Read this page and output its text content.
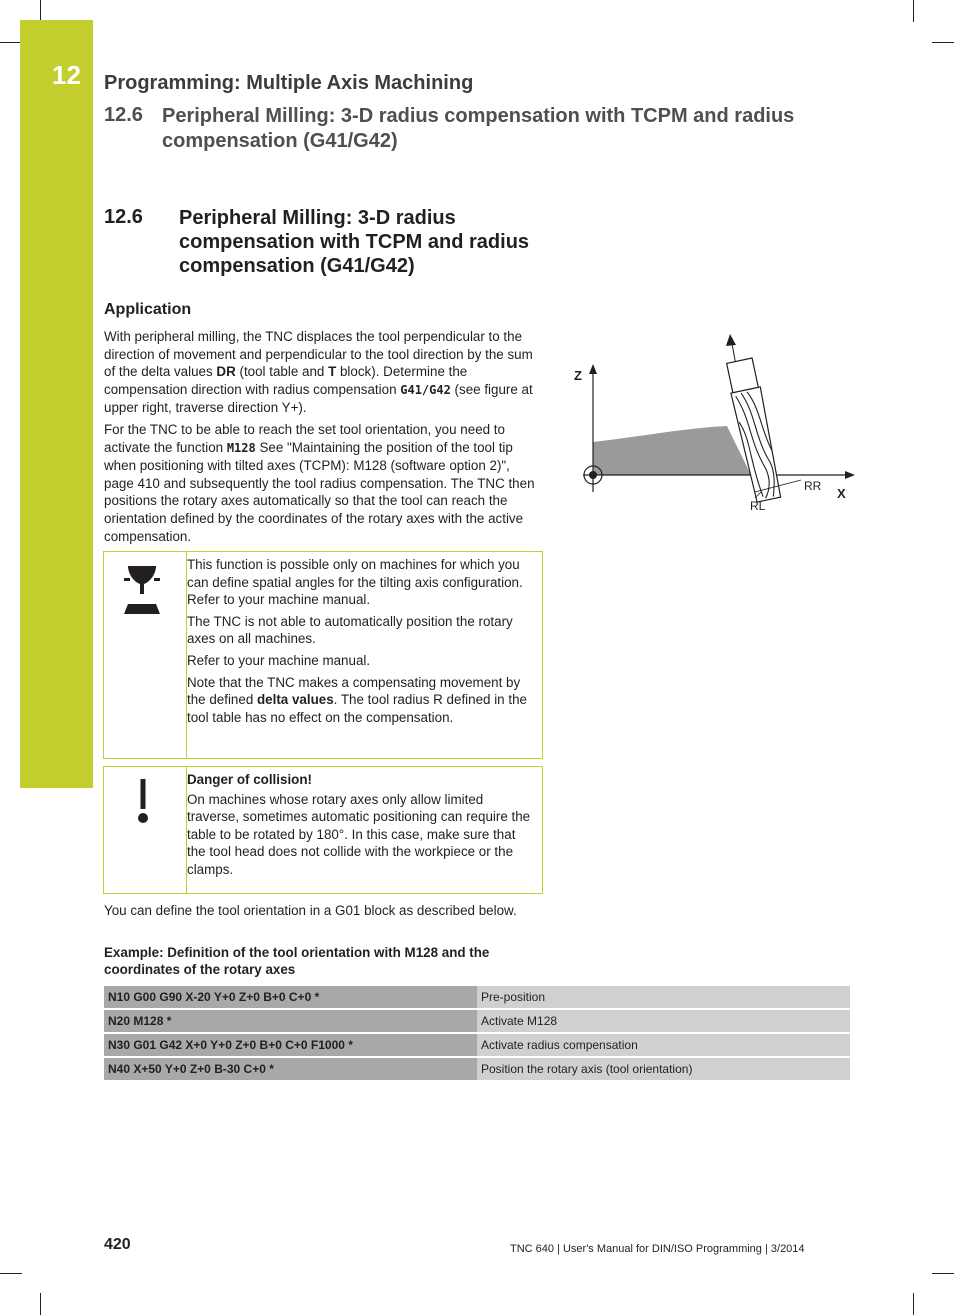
12 Programming: Multiple Axis Machining
12.6 Peripheral Milling: 3-D radius compensation with TCPM and radius compensation (G41/G42)
12.6 Peripheral Milling: 3-D radius compensation with TCPM and radius compensation (G41/G42)
Application

With peripheral milling, the TNC displaces the tool perpendicular to the direction of movement and perpendicular to the tool direction by the sum of the delta values DR (tool table and T block). Determine the compensation direction with radius compensation G41/G42 (see figure at upper right, traverse direction Y+).

For the TNC to be able to reach the set tool orientation, you need to activate the function M128 See "Maintaining the position of the tool tip when positioning with tilted axes (TCPM): M128 (software option 2)", page 410 and subsequently the tool radius compensation. The TNC then positions the rotary axes automatically so that the tool can reach the orientation defined by the coordinates of the rotary axes with the active compensation.

Z
X
RR
RL

This function is possible only on machines for which you can define spatial angles for the tilting axis configuration. Refer to your machine manual.

The TNC is not able to automatically position the rotary axes on all machines.

Refer to your machine manual.

Note that the TNC makes a compensating movement by the defined delta values. The tool radius R defined in the tool table has no effect on the compensation.

Danger of collision!

On machines whose rotary axes only allow limited traverse, sometimes automatic positioning can require the table to be rotated by 180°. In this case, make sure that the tool head does not collide with the workpiece or the clamps.

You can define the tool orientation in a G01 block as described below.

Example: Definition of the tool orientation with M128 and the coordinates of the rotary axes
N10 G00 G90 X-20 Y+0 Z+0 B+0 C+0 *	Pre-position
N20 M128 *	Activate M128
N30 G01 G42 X+0 Y+0 Z+0 B+0 C+0 F1000 *	Activate radius compensation
N40 X+50 Y+0 Z+0 B-30 C+0 *	Position the rotary axis (tool orientation)
420	TNC 640 | User's Manual for DIN/ISO Programming | 3/2014
